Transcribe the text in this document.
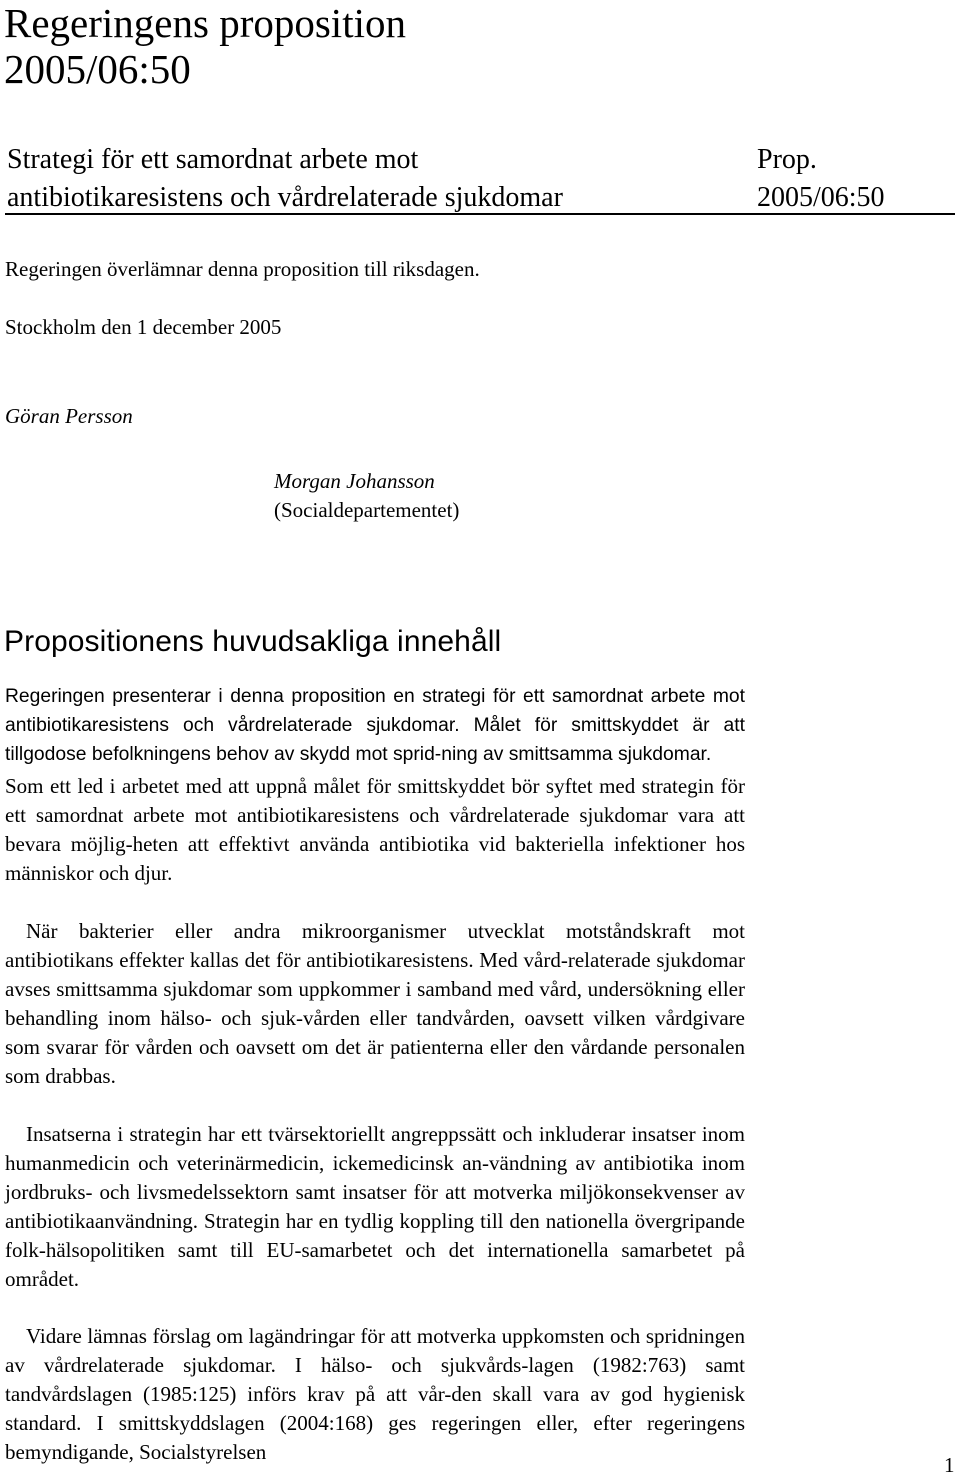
Regeringens proposition
2005/06:50
Strategi för ett samordnat arbete mot
antibiotikaresistens och vårdrelaterade sjukdomar
Prop.
2005/06:50
Regeringen överlämnar denna proposition till riksdagen.
Stockholm den 1 december 2005
Göran Persson
Morgan Johansson
(Socialdepartementet)
Propositionens huvudsakliga innehåll
Regeringen presenterar i denna proposition en strategi för ett samordnat arbete mot antibiotikaresistens och vårdrelaterade sjukdomar. Målet för smittskyddet är att tillgodose befolkningens behov av skydd mot sprid-ning av smittsamma sjukdomar.
Som ett led i arbetet med att uppnå målet för smittskyddet bör syftet med strategin för ett samordnat arbete mot antibiotikaresistens och vårdrelaterade sjukdomar vara att bevara möjlig-heten att effektivt använda antibiotika vid bakteriella infektioner hos människor och djur.
När bakterier eller andra mikroorganismer utvecklat motståndskraft mot antibiotikans effekter kallas det för antibiotikaresistens. Med vård-relaterade sjukdomar avses smittsamma sjukdomar som uppkommer i samband med vård, undersökning eller behandling inom hälso- och sjuk-vården eller tandvården, oavsett vilken vårdgivare som svarar för vården och oavsett om det är patienterna eller den vårdande personalen som drabbas.
Insatserna i strategin har ett tvärsektoriellt angreppssätt och inkluderar insatser inom humanmedicin och veterinärmedicin, ickemedicinsk an-vändning av antibiotika inom jordbruks- och livsmedelssektorn samt insatser för att motverka miljökonsekvenser av antibiotikaanvändning. Strategin har en tydlig koppling till den nationella övergripande folk-hälsopolitiken samt till EU-samarbetet och det internationella samarbetet på området.
Vidare lämnas förslag om lagändringar för att motverka uppkomsten och spridningen av vårdrelaterade sjukdomar. I hälso- och sjukvårds-lagen (1982:763) samt tandvårdslagen (1985:125) införs krav på att vår-den skall vara av god hygienisk standard. I smittskyddslagen (2004:168) ges regeringen eller, efter regeringens bemyndigande, Socialstyrelsen
1
